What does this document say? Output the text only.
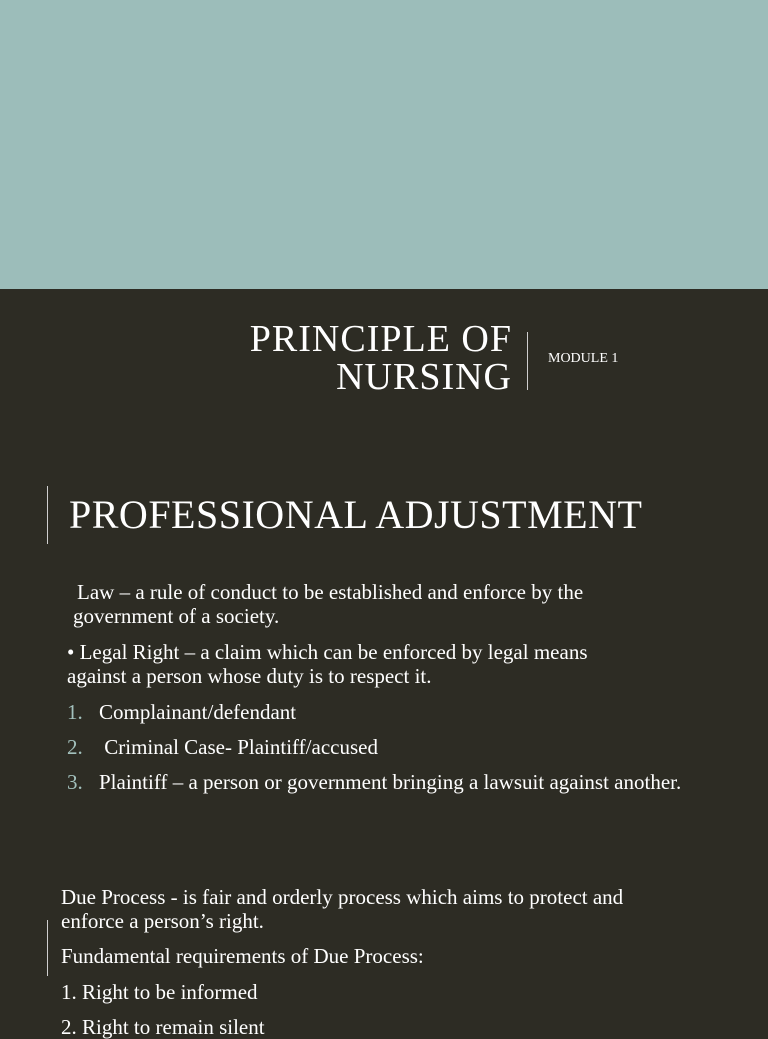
PRINCIPLE OF
NURSING	MODULE 1
PROFESSIONAL ADJUSTMENT
Law – a rule of conduct to be established and enforce by the
government of a society.
• Legal Right – a claim which can be enforced by legal means
against a person whose duty is to respect it.
1. Complainant/defendant
2. Criminal Case- Plaintiff/accused
3. Plaintiff – a person or government bringing a lawsuit against another.
Due Process - is fair and orderly process which aims to protect and
enforce a person’s right.
Fundamental requirements of Due Process:
1. Right to be informed
2. Right to remain silent
